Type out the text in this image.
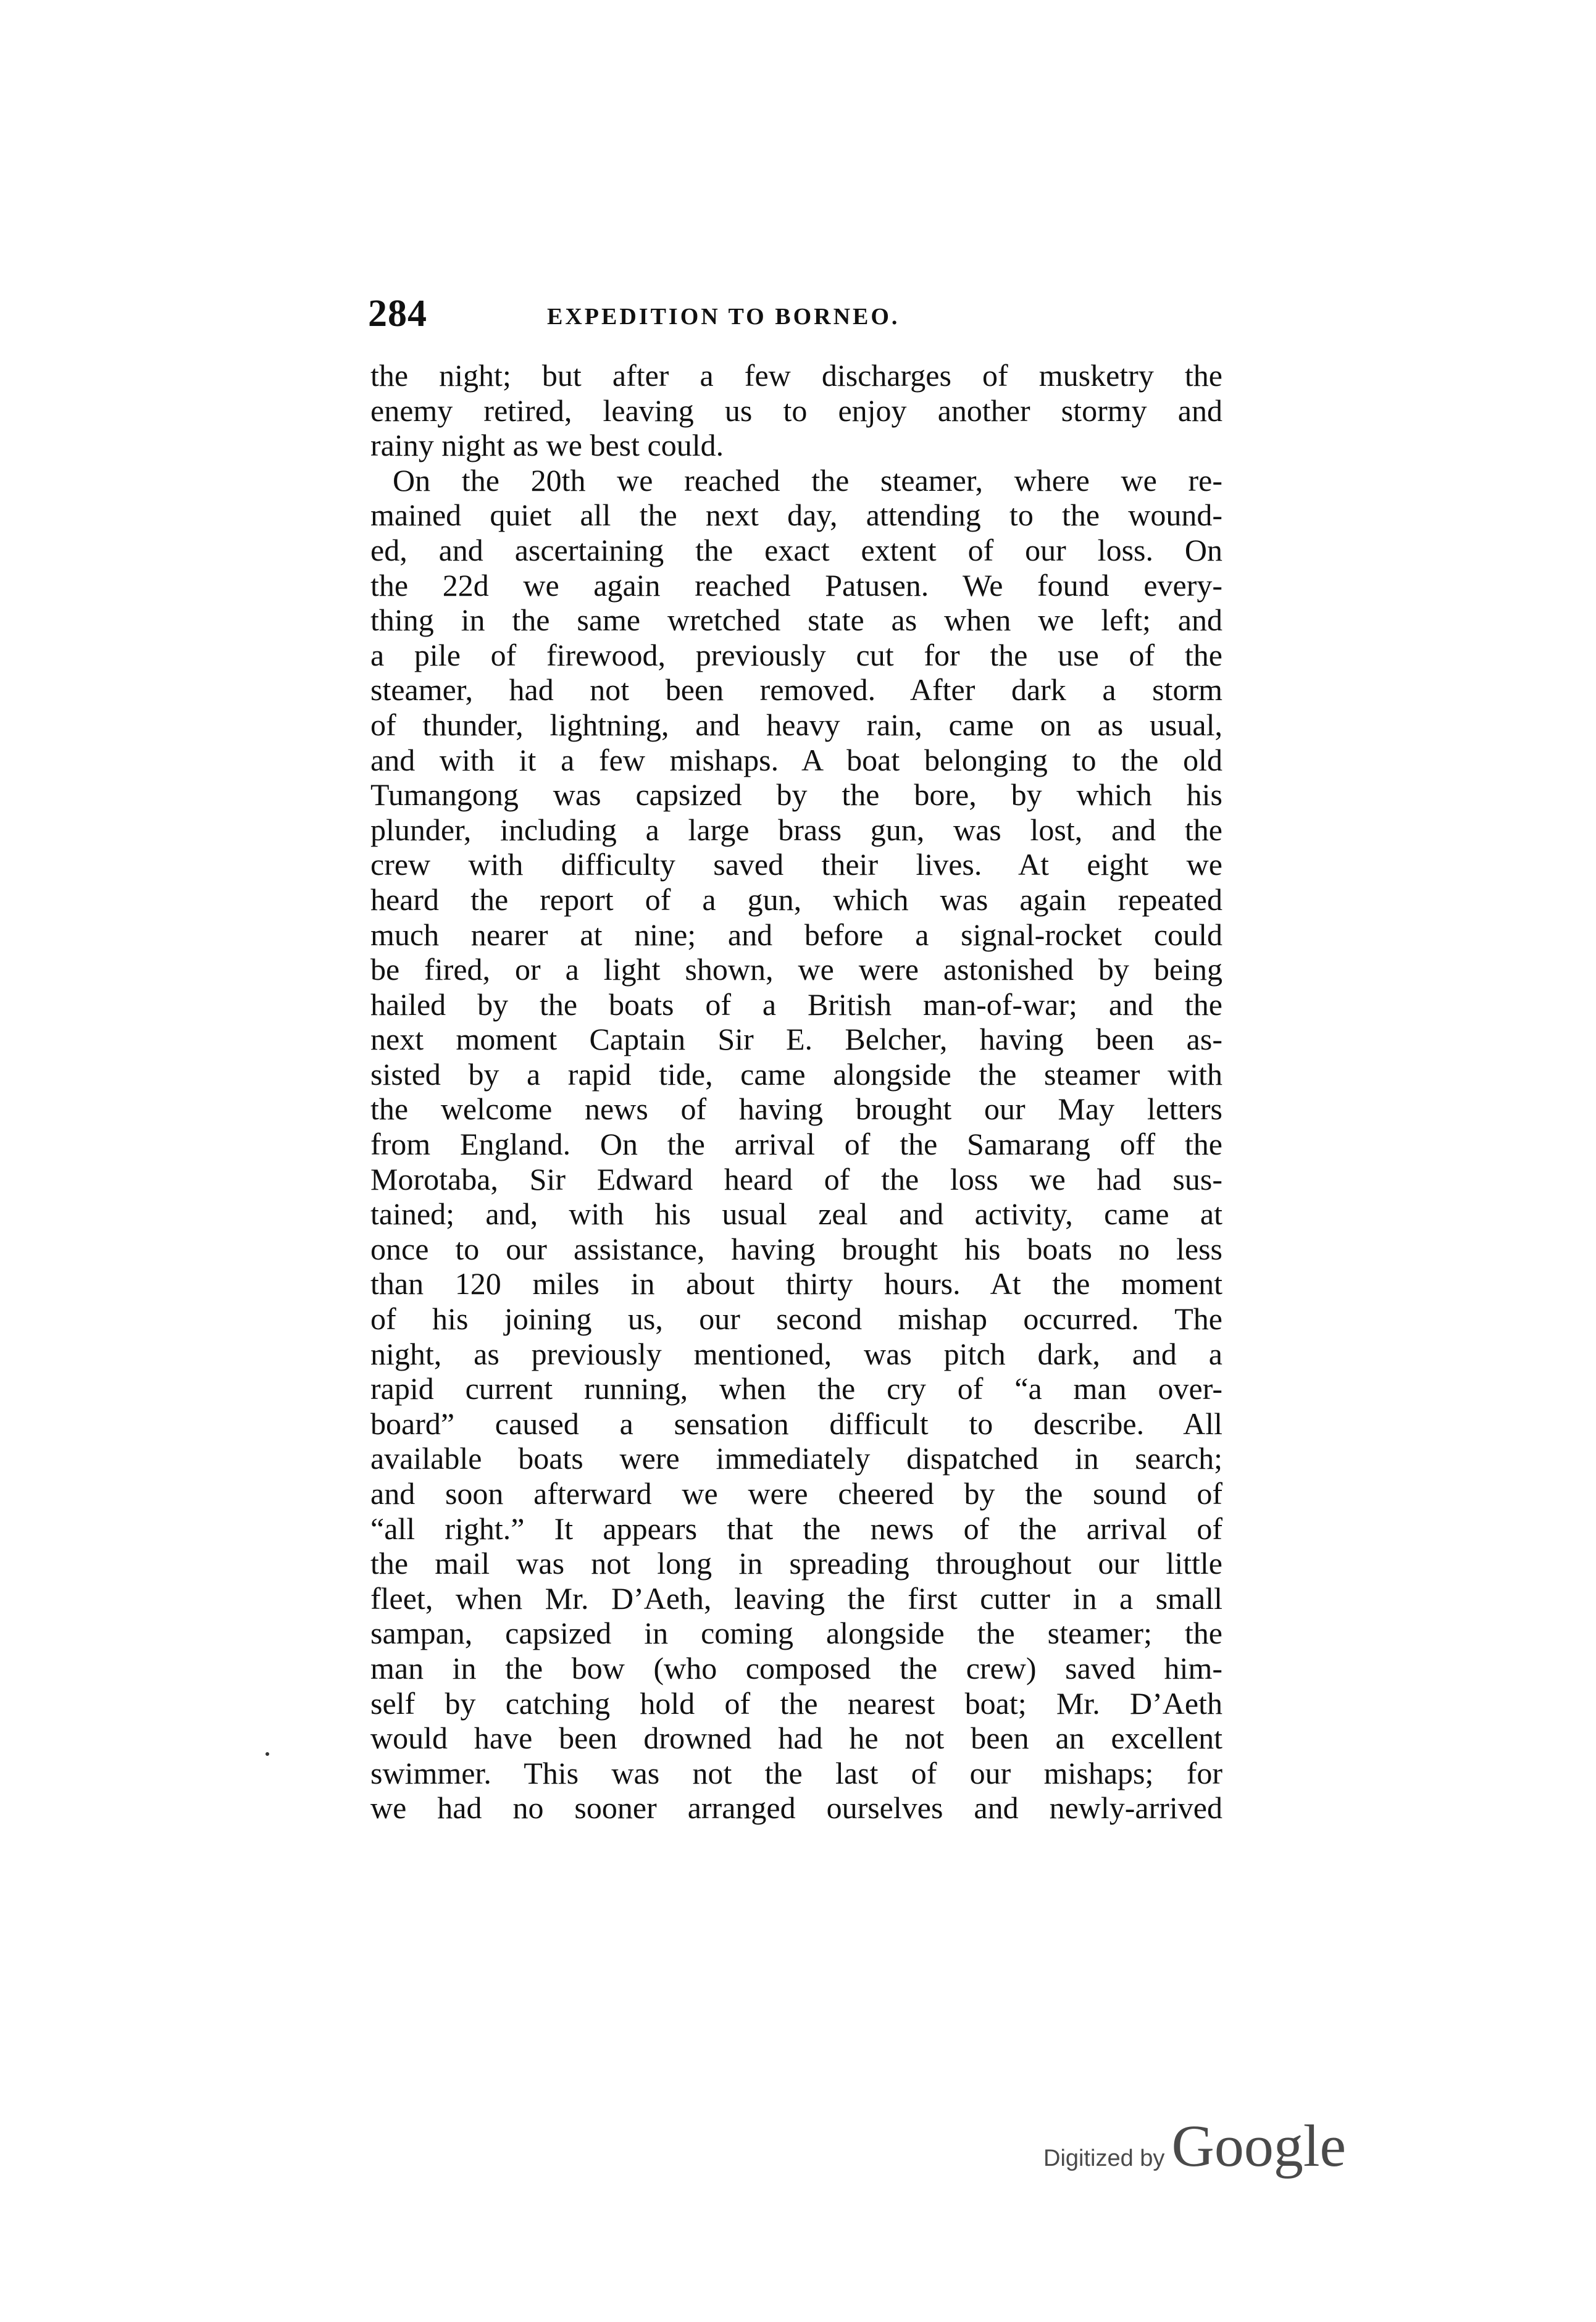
284	EXPEDITION TO BORNEO.
the night; but after a few discharges of musketry the
enemy retired, leaving us to enjoy another stormy and
rainy night as we best could.
On the 20th we reached the steamer, where we re-
mained quiet all the next day, attending to the wound-
ed, and ascertaining the exact extent of our loss. On
the 22d we again reached Patusen. We found every-
thing in the same wretched state as when we left; and
a pile of firewood, previously cut for the use of the
steamer, had not been removed. After dark a storm
of thunder, lightning, and heavy rain, came on as usual,
and with it a few mishaps. A boat belonging to the old
Tumangong was capsized by the bore, by which his
plunder, including a large brass gun, was lost, and the
crew with difficulty saved their lives. At eight we
heard the report of a gun, which was again repeated
much nearer at nine; and before a signal-rocket could
be fired, or a light shown, we were astonished by being
hailed by the boats of a British man-of-war; and the
next moment Captain Sir E. Belcher, having been as-
sisted by a rapid tide, came alongside the steamer with
the welcome news of having brought our May letters
from England. On the arrival of the Samarang off the
Morotaba, Sir Edward heard of the loss we had sus-
tained; and, with his usual zeal and activity, came at
once to our assistance, having brought his boats no less
than 120 miles in about thirty hours. At the moment
of his joining us, our second mishap occurred. The
night, as previously mentioned, was pitch dark, and a
rapid current running, when the cry of “a man over-
board” caused a sensation difficult to describe. All
available boats were immediately dispatched in search;
and soon afterward we were cheered by the sound of
“all right.” It appears that the news of the arrival of
the mail was not long in spreading throughout our little
fleet, when Mr. D’Aeth, leaving the first cutter in a small
sampan, capsized in coming alongside the steamer; the
man in the bow (who composed the crew) saved him-
self by catching hold of the nearest boat; Mr. D’Aeth
would have been drowned had he not been an excellent
swimmer. This was not the last of our mishaps; for
we had no sooner arranged ourselves and newly-arrived
Digitized by Google
